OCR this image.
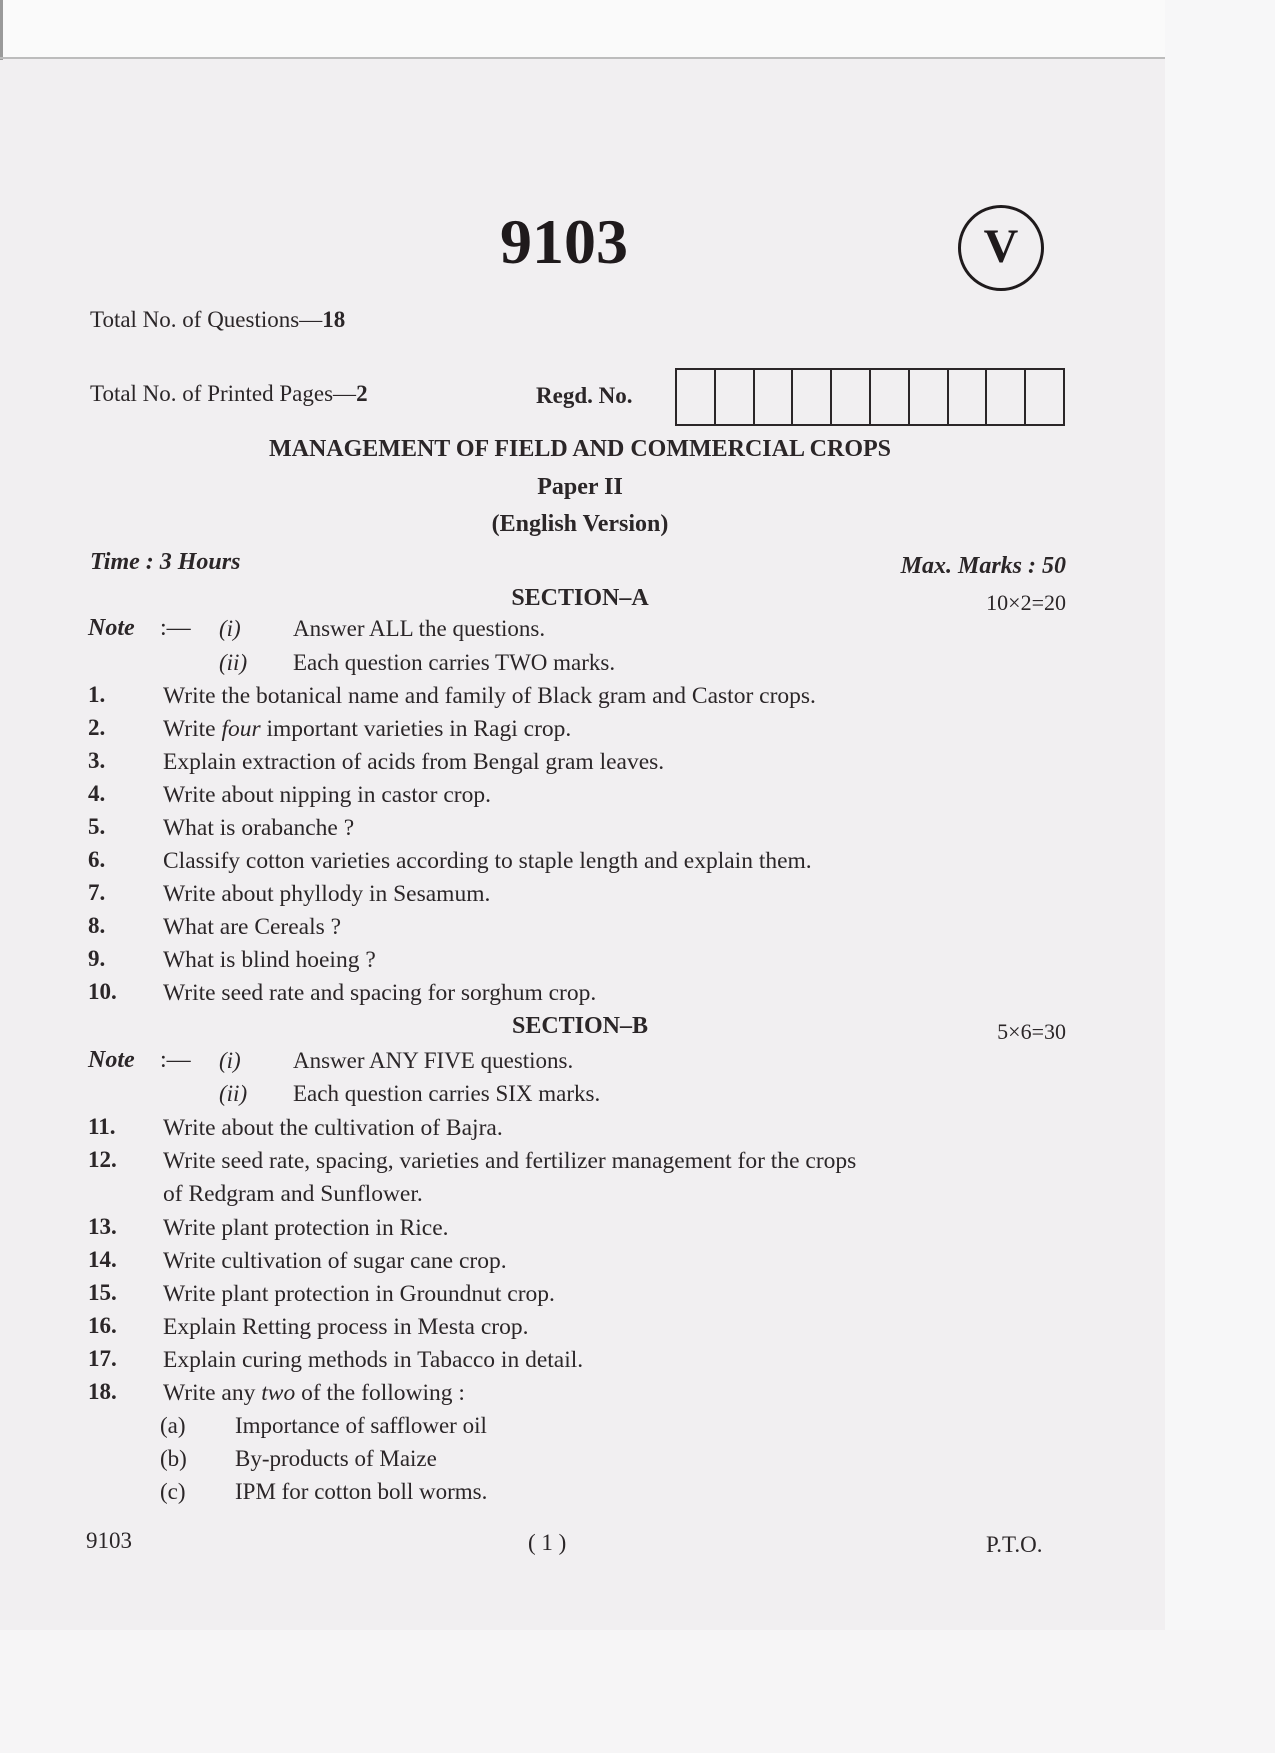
9103	V
Total No. of Questions—18
Total No. of Printed Pages—2	Regd. No.
MANAGEMENT OF FIELD AND COMMERCIAL CROPS
Paper II
(English Version)
Time : 3 Hours	Max. Marks : 50
SECTION–A	10×2=20
Note :— (i) Answer ALL the questions.
(ii) Each question carries TWO marks.
1. Write the botanical name and family of Black gram and Castor crops.
2. Write four important varieties in Ragi crop.
3. Explain extraction of acids from Bengal gram leaves.
4. Write about nipping in castor crop.
5. What is orabanche ?
6. Classify cotton varieties according to staple length and explain them.
7. Write about phyllody in Sesamum.
8. What are Cereals ?
9. What is blind hoeing ?
10. Write seed rate and spacing for sorghum crop.
SECTION–B	5×6=30
Note :— (i) Answer ANY FIVE questions.
(ii) Each question carries SIX marks.
11. Write about the cultivation of Bajra.
12. Write seed rate, spacing, varieties and fertilizer management for the crops
of Redgram and Sunflower.
13. Write plant protection in Rice.
14. Write cultivation of sugar cane crop.
15. Write plant protection in Groundnut crop.
16. Explain Retting process in Mesta crop.
17. Explain curing methods in Tabacco in detail.
18. Write any two of the following :
(a) Importance of safflower oil
(b) By-products of Maize
(c) IPM for cotton boll worms.
9103	( 1 )	P.T.O.
